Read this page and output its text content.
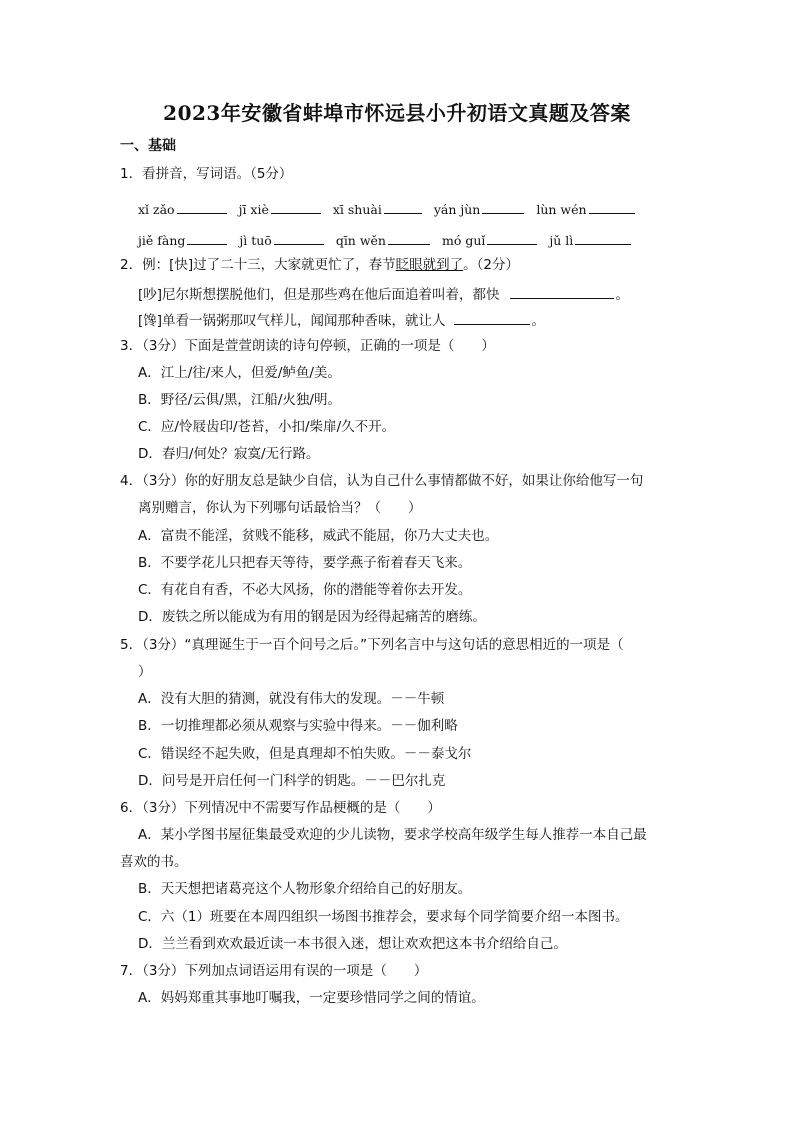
2023年安徽省蚌埠市怀远县小升初语文真题及答案
一、基础
1．看拼音，写词语。（5分）
xǐ zǎo	jī xiè	xī shuài	yán jùn	lùn wén
jiě fàng	jì tuō	qīn wěn	mó guǐ	jǔ lì
2．例：[快]过了二十三，大家就更忙了，春节眨眼就到了。（2分）
[吵]尼尔斯想摆脱他们，但是那些鸡在他后面追着叫着，都快	。
[馋]单看一锅粥那叹气样儿，闻闻那种香味，就让人	。
3．（3分）下面是萱萱朗读的诗句停顿，正确的一项是（　　）
A．江上/往/来人，但爱/鲈鱼/美。
B．野径/云俱/黑，江船/火独/明。
C．应/怜屐齿印/苍苔，小扣/柴扉/久不开。
D．春归/何处？寂寞/无行路。
4．（3分）你的好朋友总是缺少自信，认为自己什么事情都做不好，如果让你给他写一句
离别赠言，你认为下列哪句话最恰当？（　　）
A．富贵不能淫，贫贱不能移，威武不能屈，你乃大丈夫也。
B．不要学花儿只把春天等待，要学燕子衔着春天飞来。
C．有花自有香，不必大风扬，你的潜能等着你去开发。
D．废铁之所以能成为有用的钢是因为经得起痛苦的磨练。
5．（3分）“真理诞生于一百个问号之后。”下列名言中与这句话的意思相近的一项是（
）
A．没有大胆的猜测，就没有伟大的发现。－－牛顿
B．一切推理都必须从观察与实验中得来。－－伽利略
C．错误经不起失败，但是真理却不怕失败。－－泰戈尔
D．问号是开启任何一门科学的钥匙。－－巴尔扎克
6．（3分）下列情况中不需要写作品梗概的是（　　）
A．某小学图书屋征集最受欢迎的少儿读物，要求学校高年级学生每人推荐一本自己最
喜欢的书。
B．天天想把诸葛亮这个人物形象介绍给自己的好朋友。
C．六（1）班要在本周四组织一场图书推荐会，要求每个同学简要介绍一本图书。
D．兰兰看到欢欢最近读一本书很入迷，想让欢欢把这本书介绍给自己。
7．（3分）下列加点词语运用有误的一项是（　　）
A．妈妈郑重其事地叮嘱我，一定要珍惜同学之间的情谊。
